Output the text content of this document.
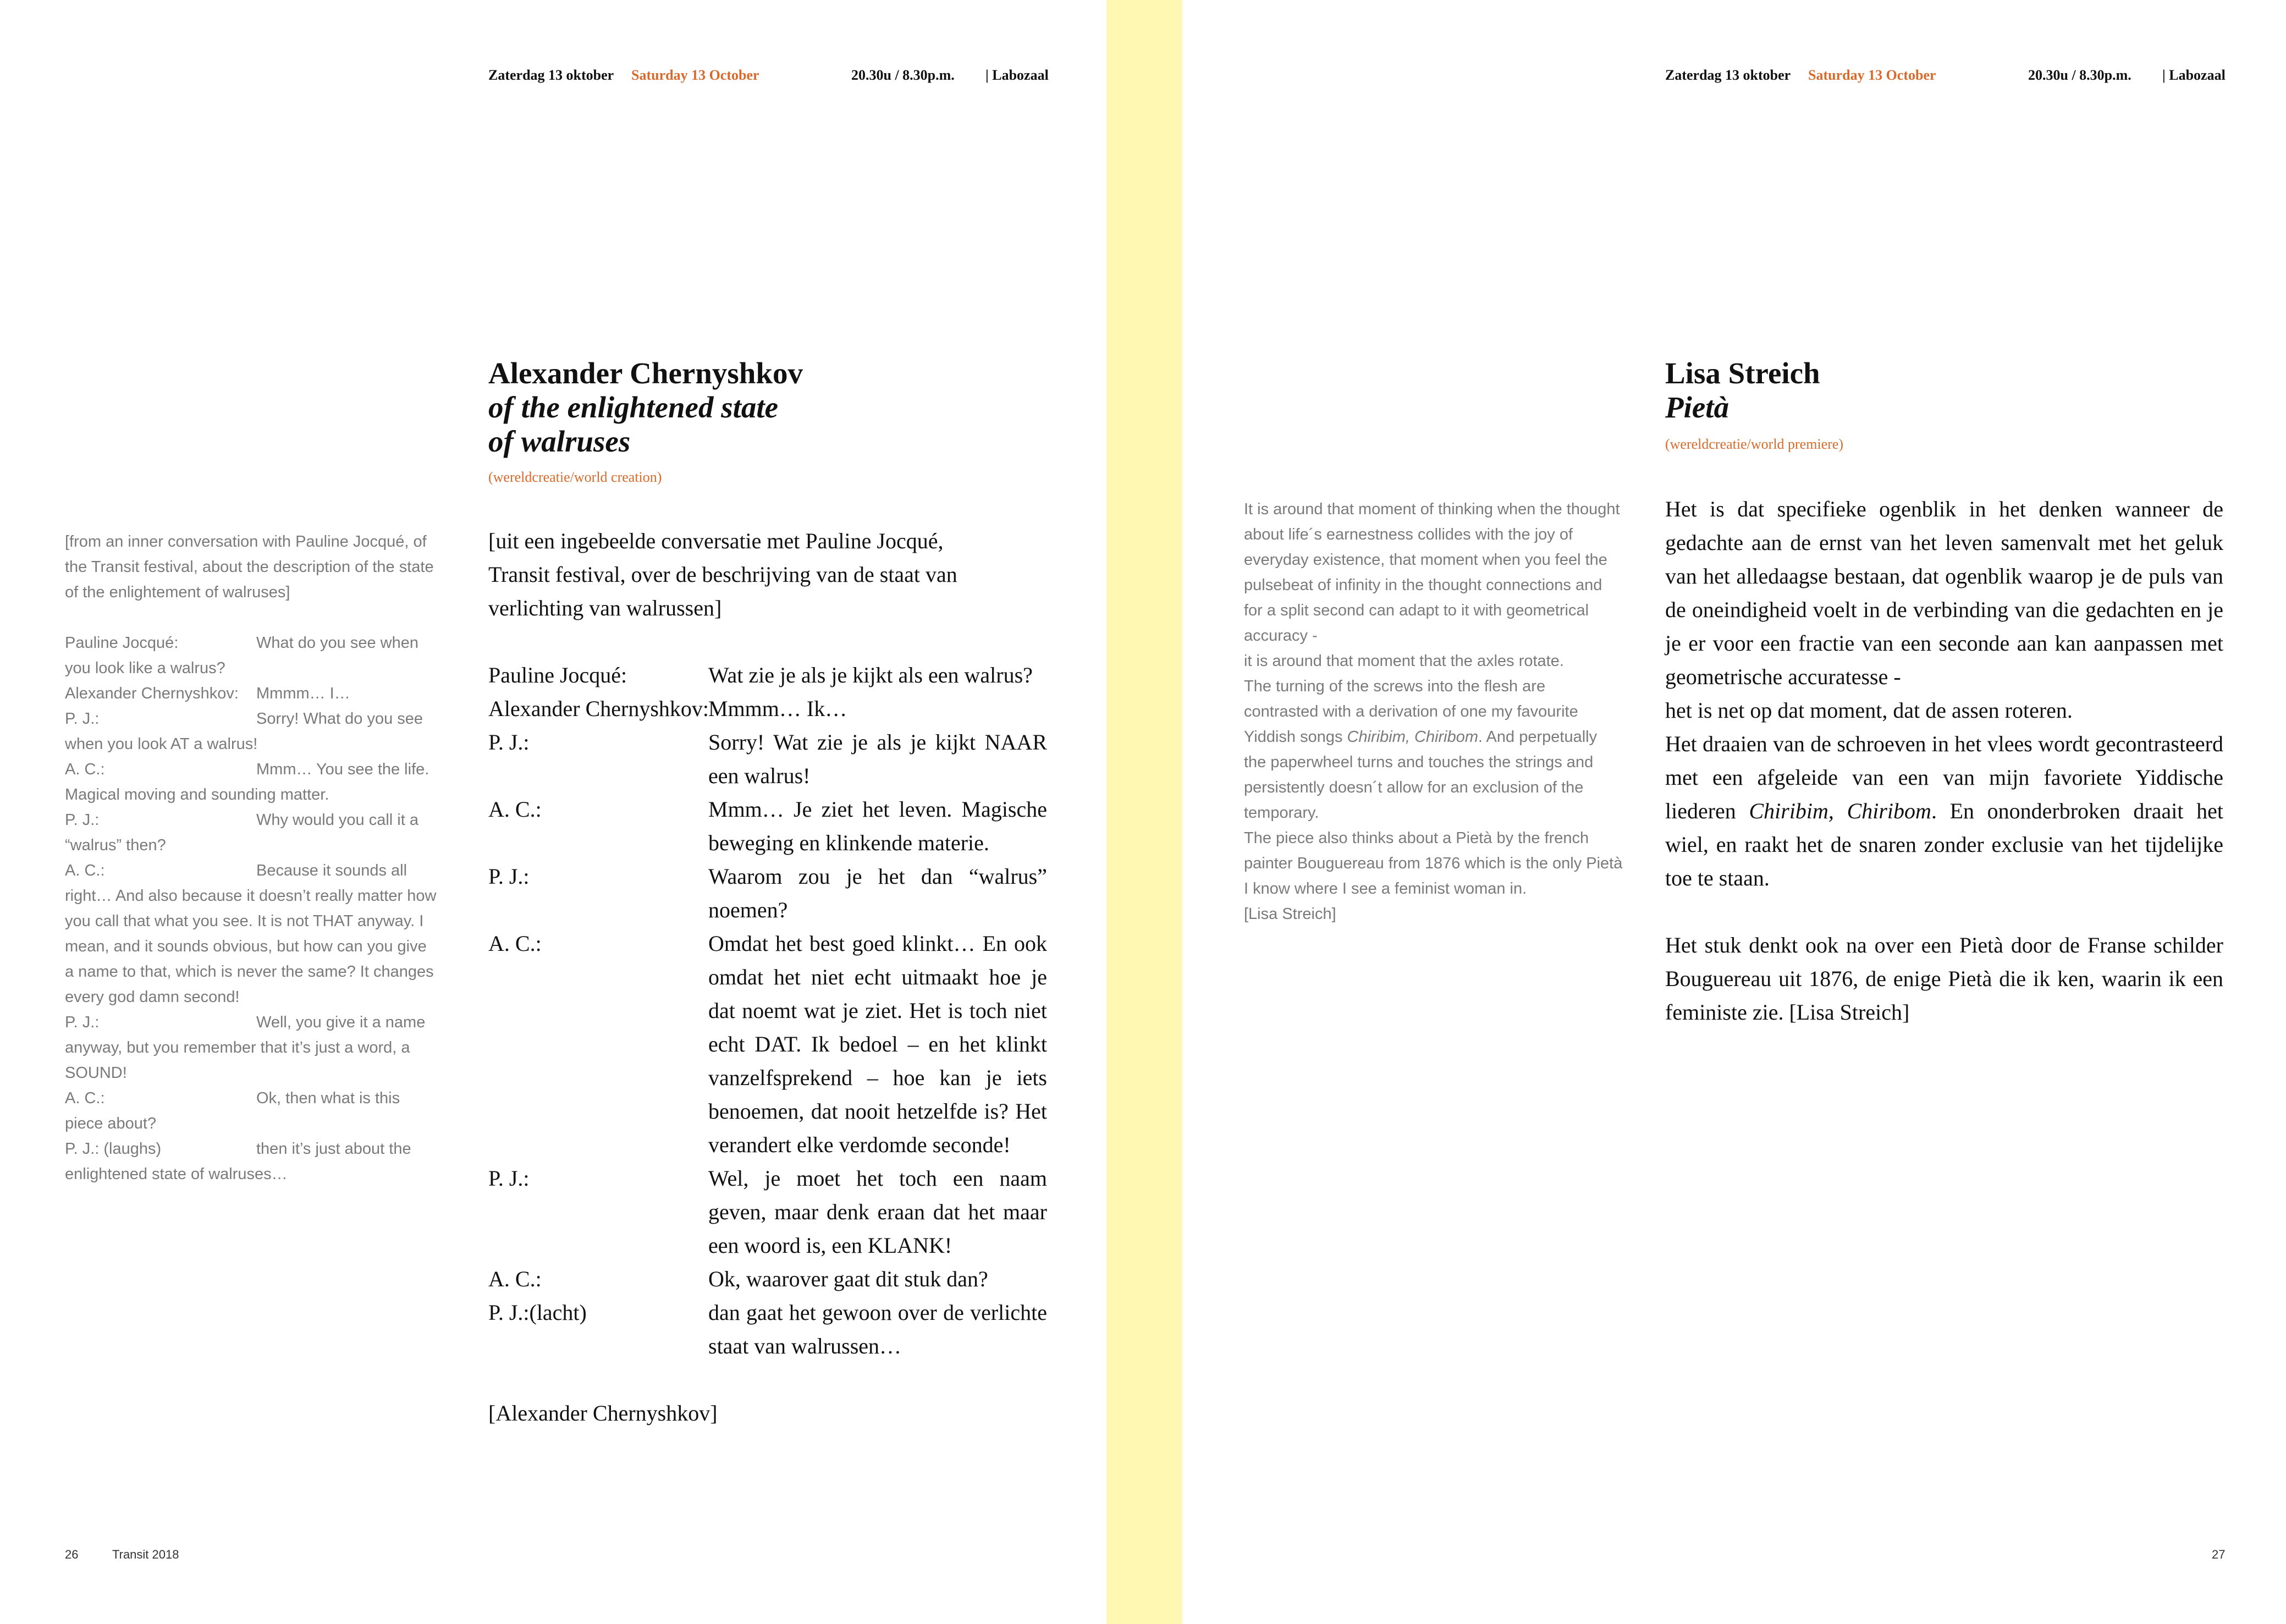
Zaterdag 13 oktober Saturday 13 October	20.30u / 8.30p.m. | Labozaal
Alexander Chernyshkov
of the enlightened state
of walruses
(wereldcreatie/world creation)
[from an inner conversation with Pauline Jocqué, of the Transit festival, about the description of the state of the enlightement of walruses]
Pauline Jocqué:	What do you see when you look like a walrus?
Alexander Chernyshkov: Mmmm… I…
P. J.:	Sorry! What do you see when you look AT a walrus!
A. C.:	Mmm… You see the life. Magical moving and sounding matter.
P. J.:	Why would you call it a “walrus” then?
A. C.:	Because it sounds all right… And also because it doesn’t really matter how you call that what you see. It is not THAT anyway. I mean, and it sounds obvious, but how can you give a name to that, which is never the same? It changes every god damn second!
P. J.:	Well, you give it a name anyway, but you remember that it’s just a word, a SOUND!
A. C.:	Ok, then what is this piece about?
P. J.: (laughs)	then it’s just about the enlightened state of walruses…
[uit een ingebeelde conversatie met Pauline Jocqué, Transit festival, over de beschrijving van de staat van verlichting van walrussen]
Pauline Jocqué:	Wat zie je als je kijkt als een walrus?
Alexander Chernyshkov:
Mmmm… Ik…
P. J.:	Sorry! Wat zie je als je kijkt NAAR een walrus!
A. C.:	Mmm… Je ziet het leven. Magische beweging en klinkende materie.
P. J.:	Waarom zou je het dan “walrus” noemen?
A. C.:	Omdat het best goed klinkt… En ook omdat het niet echt uitmaakt hoe je dat noemt wat je ziet. Het is toch niet echt DAT. Ik bedoel – en het klinkt vanzelfsprekend – hoe kan je iets benoemen, dat nooit hetzelfde is? Het verandert elke verdomde seconde!
P. J.:	Wel, je moet het toch een naam geven, maar denk eraan dat het maar een woord is, een KLANK!
A. C.:	Ok, waarover gaat dit stuk dan?
P. J.:(lacht)	dan gaat het gewoon over de verlichte staat van walrussen…
[Alexander Chernyshkov]
26	Transit 2018
Zaterdag 13 oktober Saturday 13 October	20.30u / 8.30p.m. | Labozaal
Lisa Streich
Pietà
(wereldcreatie/world premiere)
It is around that moment of thinking when the thought about life´s earnestness collides with the joy of everyday existence, that moment when you feel the pulsebeat of infinity in the thought connections and for a split second can adapt to it with geometrical accuracy -
it is around that moment that the axles rotate.
The turning of the screws into the flesh are contrasted with a derivation of one my favourite Yiddish songs Chiribim, Chiribom. And perpetually the paperwheel turns and touches the strings and persistently doesn´t allow for an exclusion of the temporary.
The piece also thinks about a Pietà by the french painter Bouguereau from 1876 which is the only Pietà I know where I see a feminist woman in.
[Lisa Streich]
Het is dat specifieke ogenblik in het denken wanneer de gedachte aan de ernst van het leven samenvalt met het geluk van het alledaagse bestaan, dat ogenblik waarop je de puls van de oneindigheid voelt in de verbinding van die gedachten en je je er voor een fractie van een seconde aan kan aanpassen met geometrische accuratesse -
het is net op dat moment, dat de assen roteren.
Het draaien van de schroeven in het vlees wordt gecontrasteerd met een afgeleide van een van mijn favoriete Yiddische liederen Chiribim, Chiribom. En ononderbroken draait het wiel, en raakt het de snaren zonder exclusie van het tijdelijke toe te staan.
Het stuk denkt ook na over een Pietà door de Franse schilder Bouguereau uit 1876, de enige Pietà die ik ken, waarin ik een feministe zie. [Lisa Streich]
27
